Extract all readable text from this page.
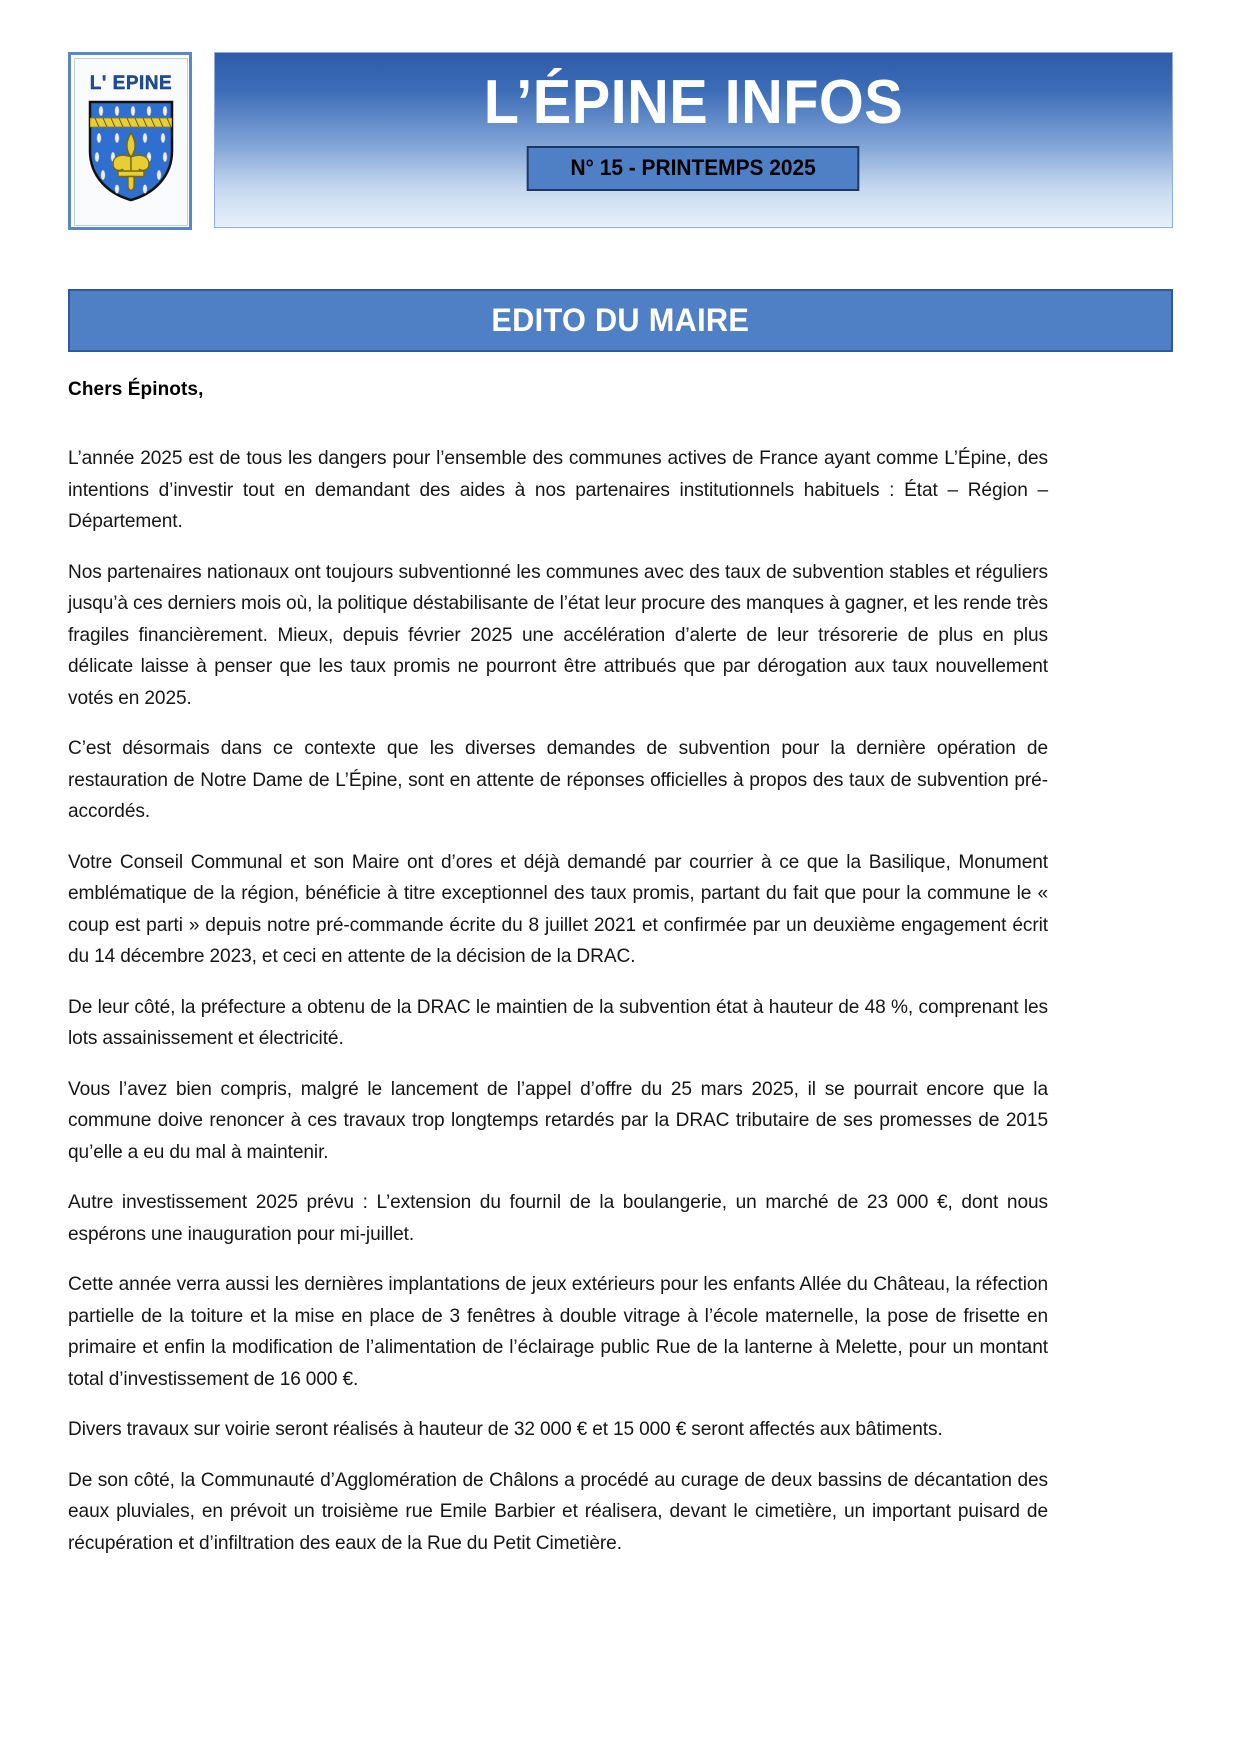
L' EPINE	L’ÉPINE INFOS
N° 15 - PRINTEMPS 2025
EDITO DU MAIRE

Chers Épinots,

L’année 2025 est de tous les dangers pour l’ensemble des communes actives de France ayant comme L’Épine, des intentions d’investir tout en demandant des aides à nos partenaires institutionnels habituels : État – Région – Département.

Nos partenaires nationaux ont toujours subventionné les communes avec des taux de subvention stables et réguliers jusqu’à ces derniers mois où, la politique déstabilisante de l’état leur procure des manques à gagner, et les rende très fragiles financièrement. Mieux, depuis février 2025 une accélération d’alerte de leur trésorerie de plus en plus délicate laisse à penser que les taux promis ne pourront être attribués que par dérogation aux taux nouvellement votés en 2025.

C’est désormais dans ce contexte que les diverses demandes de subvention pour la dernière opération de restauration de Notre Dame de L’Épine, sont en attente de réponses officielles à propos des taux de subvention pré-accordés.

Votre Conseil Communal et son Maire ont d’ores et déjà demandé par courrier à ce que la Basilique, Monument emblématique de la région, bénéficie à titre exceptionnel des taux promis, partant du fait que pour la commune le « coup est parti » depuis notre pré-commande écrite du 8 juillet 2021 et confirmée par un deuxième engagement écrit du 14 décembre 2023, et ceci en attente de la décision de la DRAC.

De leur côté, la préfecture a obtenu de la DRAC le maintien de la subvention état à hauteur de 48 %, comprenant les lots assainissement et électricité.

Vous l’avez bien compris, malgré le lancement de l’appel d’offre du 25 mars 2025, il se pourrait encore que la commune doive renoncer à ces travaux trop longtemps retardés par la DRAC tributaire de ses promesses de 2015 qu’elle a eu du mal à maintenir.

Autre investissement 2025 prévu : L’extension du fournil de la boulangerie, un marché de 23 000 €, dont nous espérons une inauguration pour mi-juillet.

Cette année verra aussi les dernières implantations de jeux extérieurs pour les enfants Allée du Château, la réfection partielle de la toiture et la mise en place de 3 fenêtres à double vitrage à l’école maternelle, la pose de frisette en primaire et enfin la modification de l’alimentation de l’éclairage public Rue de la lanterne à Melette, pour un montant total d’investissement de 16 000 €.

Divers travaux sur voirie seront réalisés à hauteur de 32 000 € et 15 000 € seront affectés aux bâtiments.

De son côté, la Communauté d’Agglomération de Châlons a procédé au curage de deux bassins de décantation des eaux pluviales, en prévoit un troisième rue Emile Barbier et réalisera, devant le cimetière, un important puisard de récupération et d’infiltration des eaux de la Rue du Petit Cimetière.
